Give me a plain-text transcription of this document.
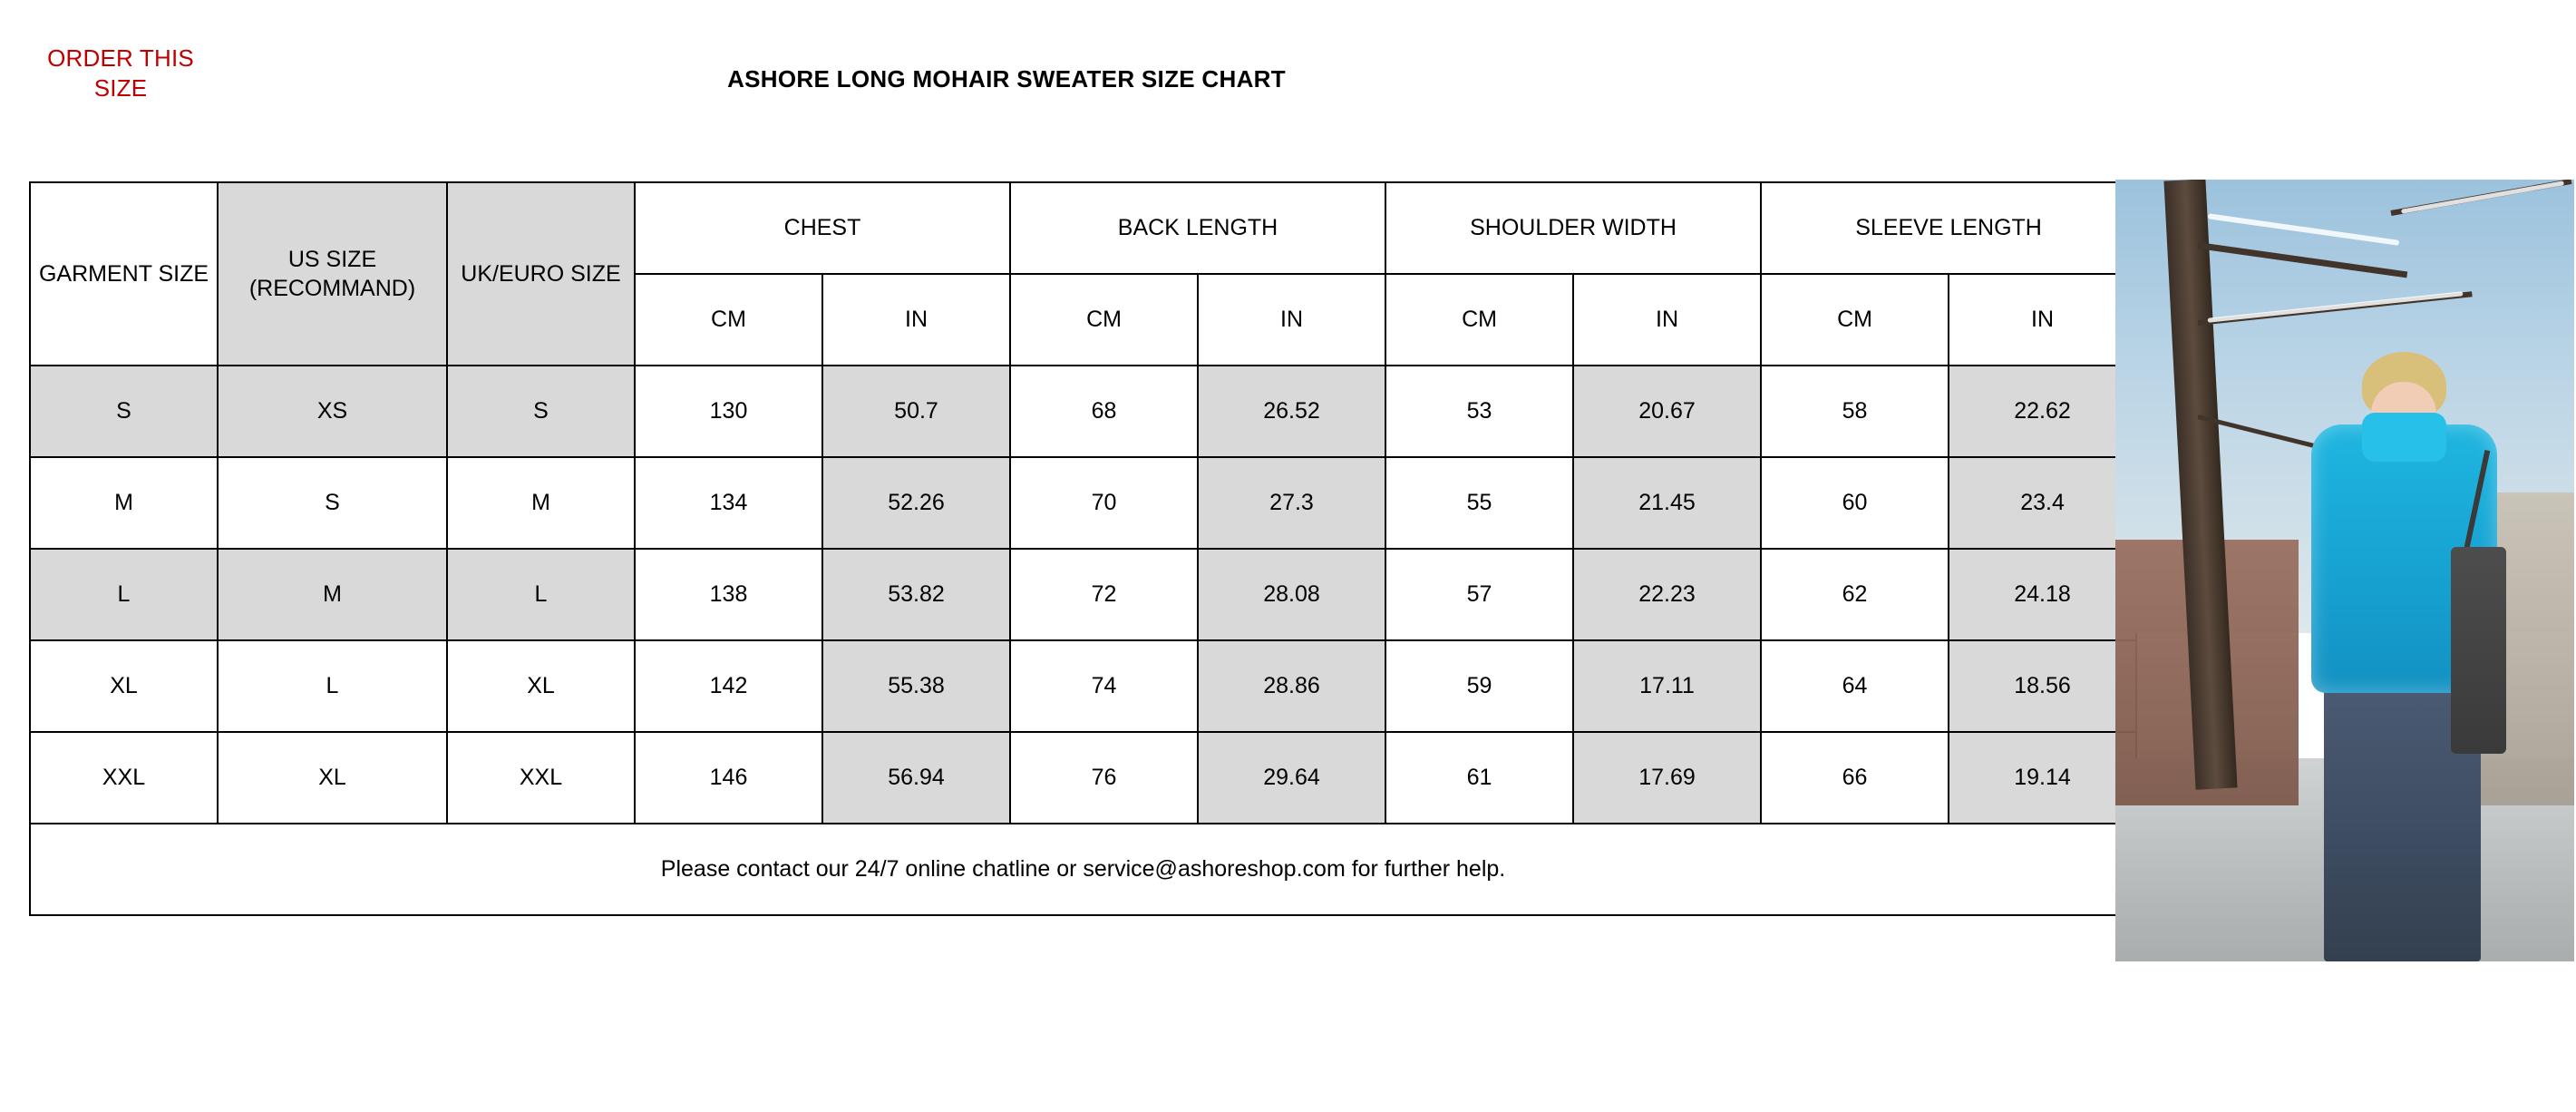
ORDER THIS SIZE	ASHORE LONG MOHAIR SWEATER SIZE CHART
GARMENT SIZE	US SIZE (RECOMMAND)	UK/EURO SIZE	CHEST		BACK LENGTH		SHOULDER WIDTH		SLEEVE LENGTH	
			CM	IN	CM	IN	CM	IN	CM	IN
S	XS	S	130	50.7	68	26.52	53	20.67	58	22.62
M	S	M	134	52.26	70	27.3	55	21.45	60	23.4
L	M	L	138	53.82	72	28.08	57	22.23	62	24.18
XL	L	XL	142	55.38	74	28.86	59	17.11	64	18.56
XXL	XL	XXL	146	56.94	76	29.64	61	17.69	66	19.14
Please contact our 24/7 online chatline or service@ashoreshop.com for further help.										
